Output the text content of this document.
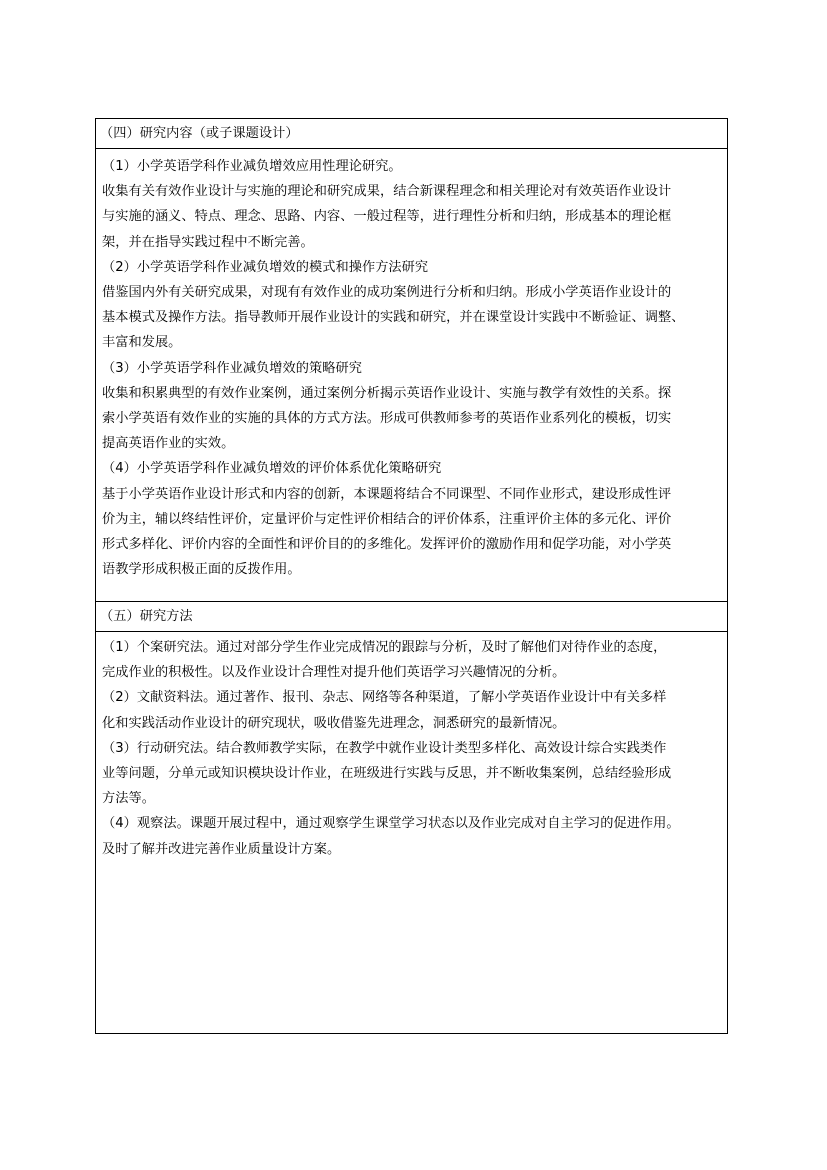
（四）研究内容（或子课题设计）
（1）小学英语学科作业减负增效应用性理论研究。
收集有关有效作业设计与实施的理论和研究成果，结合新课程理念和相关理论对有效英语作业设计
与实施的涵义、特点、理念、思路、内容、一般过程等，进行理性分析和归纳，形成基本的理论框
架，并在指导实践过程中不断完善。
（2）小学英语学科作业减负增效的模式和操作方法研究
借鉴国内外有关研究成果，对现有有效作业的成功案例进行分析和归纳。形成小学英语作业设计的
基本模式及操作方法。指导教师开展作业设计的实践和研究，并在课堂设计实践中不断验证、调整、
丰富和发展。
（3）小学英语学科作业减负增效的策略研究
收集和积累典型的有效作业案例，通过案例分析揭示英语作业设计、实施与教学有效性的关系。探
索小学英语有效作业的实施的具体的方式方法。形成可供教师参考的英语作业系列化的模板，切实
提高英语作业的实效。
（4）小学英语学科作业减负增效的评价体系优化策略研究
基于小学英语作业设计形式和内容的创新，本课题将结合不同课型、不同作业形式，建设形成性评
价为主，辅以终结性评价，定量评价与定性评价相结合的评价体系，注重评价主体的多元化、评价
形式多样化、评价内容的全面性和评价目的的多维化。发挥评价的激励作用和促学功能，对小学英
语教学形成积极正面的反拨作用。
（五）研究方法
（1）个案研究法。通过对部分学生作业完成情况的跟踪与分析，及时了解他们对待作业的态度，
完成作业的积极性。以及作业设计合理性对提升他们英语学习兴趣情况的分析。
（2）文献资料法。通过著作、报刊、杂志、网络等各种渠道，了解小学英语作业设计中有关多样
化和实践活动作业设计的研究现状，吸收借鉴先进理念，洞悉研究的最新情况。
（3）行动研究法。结合教师教学实际，在教学中就作业设计类型多样化、高效设计综合实践类作
业等问题，分单元或知识模块设计作业，在班级进行实践与反思，并不断收集案例，总结经验形成
方法等。
（4）观察法。课题开展过程中，通过观察学生课堂学习状态以及作业完成对自主学习的促进作用。
及时了解并改进完善作业质量设计方案。
